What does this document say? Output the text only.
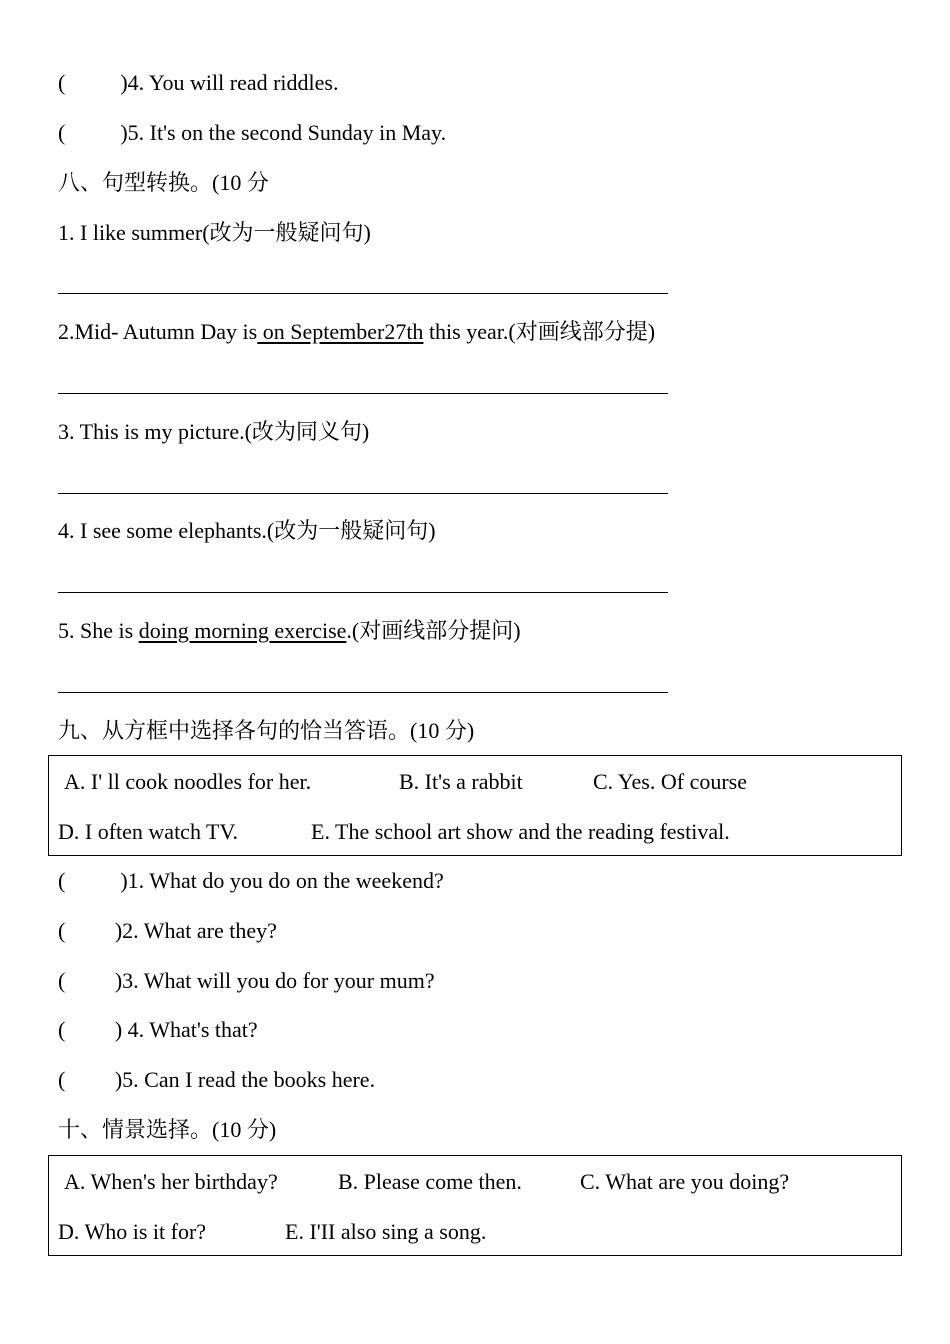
(          )4. You will read riddles.
(          )5. It's on the second Sunday in May.
八、句型转换。(10 分
1. I like summer(改为一般疑问句)
2.Mid- Autumn Day is on September27th this year.(对画线部分提)
3. This is my picture.(改为同义句)
4. I see some elephants.(改为一般疑问句)
5. She is doing morning exercise.(对画线部分提问)
九、从方框中选择各句的恰当答语。(10 分)
A. I' ll cook noodles for her.	B. It's a rabbit	C. Yes. Of course
D. I often watch TV.	E. The school art show and the reading festival.
(          )1. What do you do on the weekend?
(         )2. What are they?
(         )3. What will you do for your mum?
(         ) 4. What's that?
(         )5. Can I read the books here.
十、情景选择。(10 分)
A. When's her birthday?	B. Please come then.	C. What are you doing?
D. Who is it for?	E. I'II also sing a song.
